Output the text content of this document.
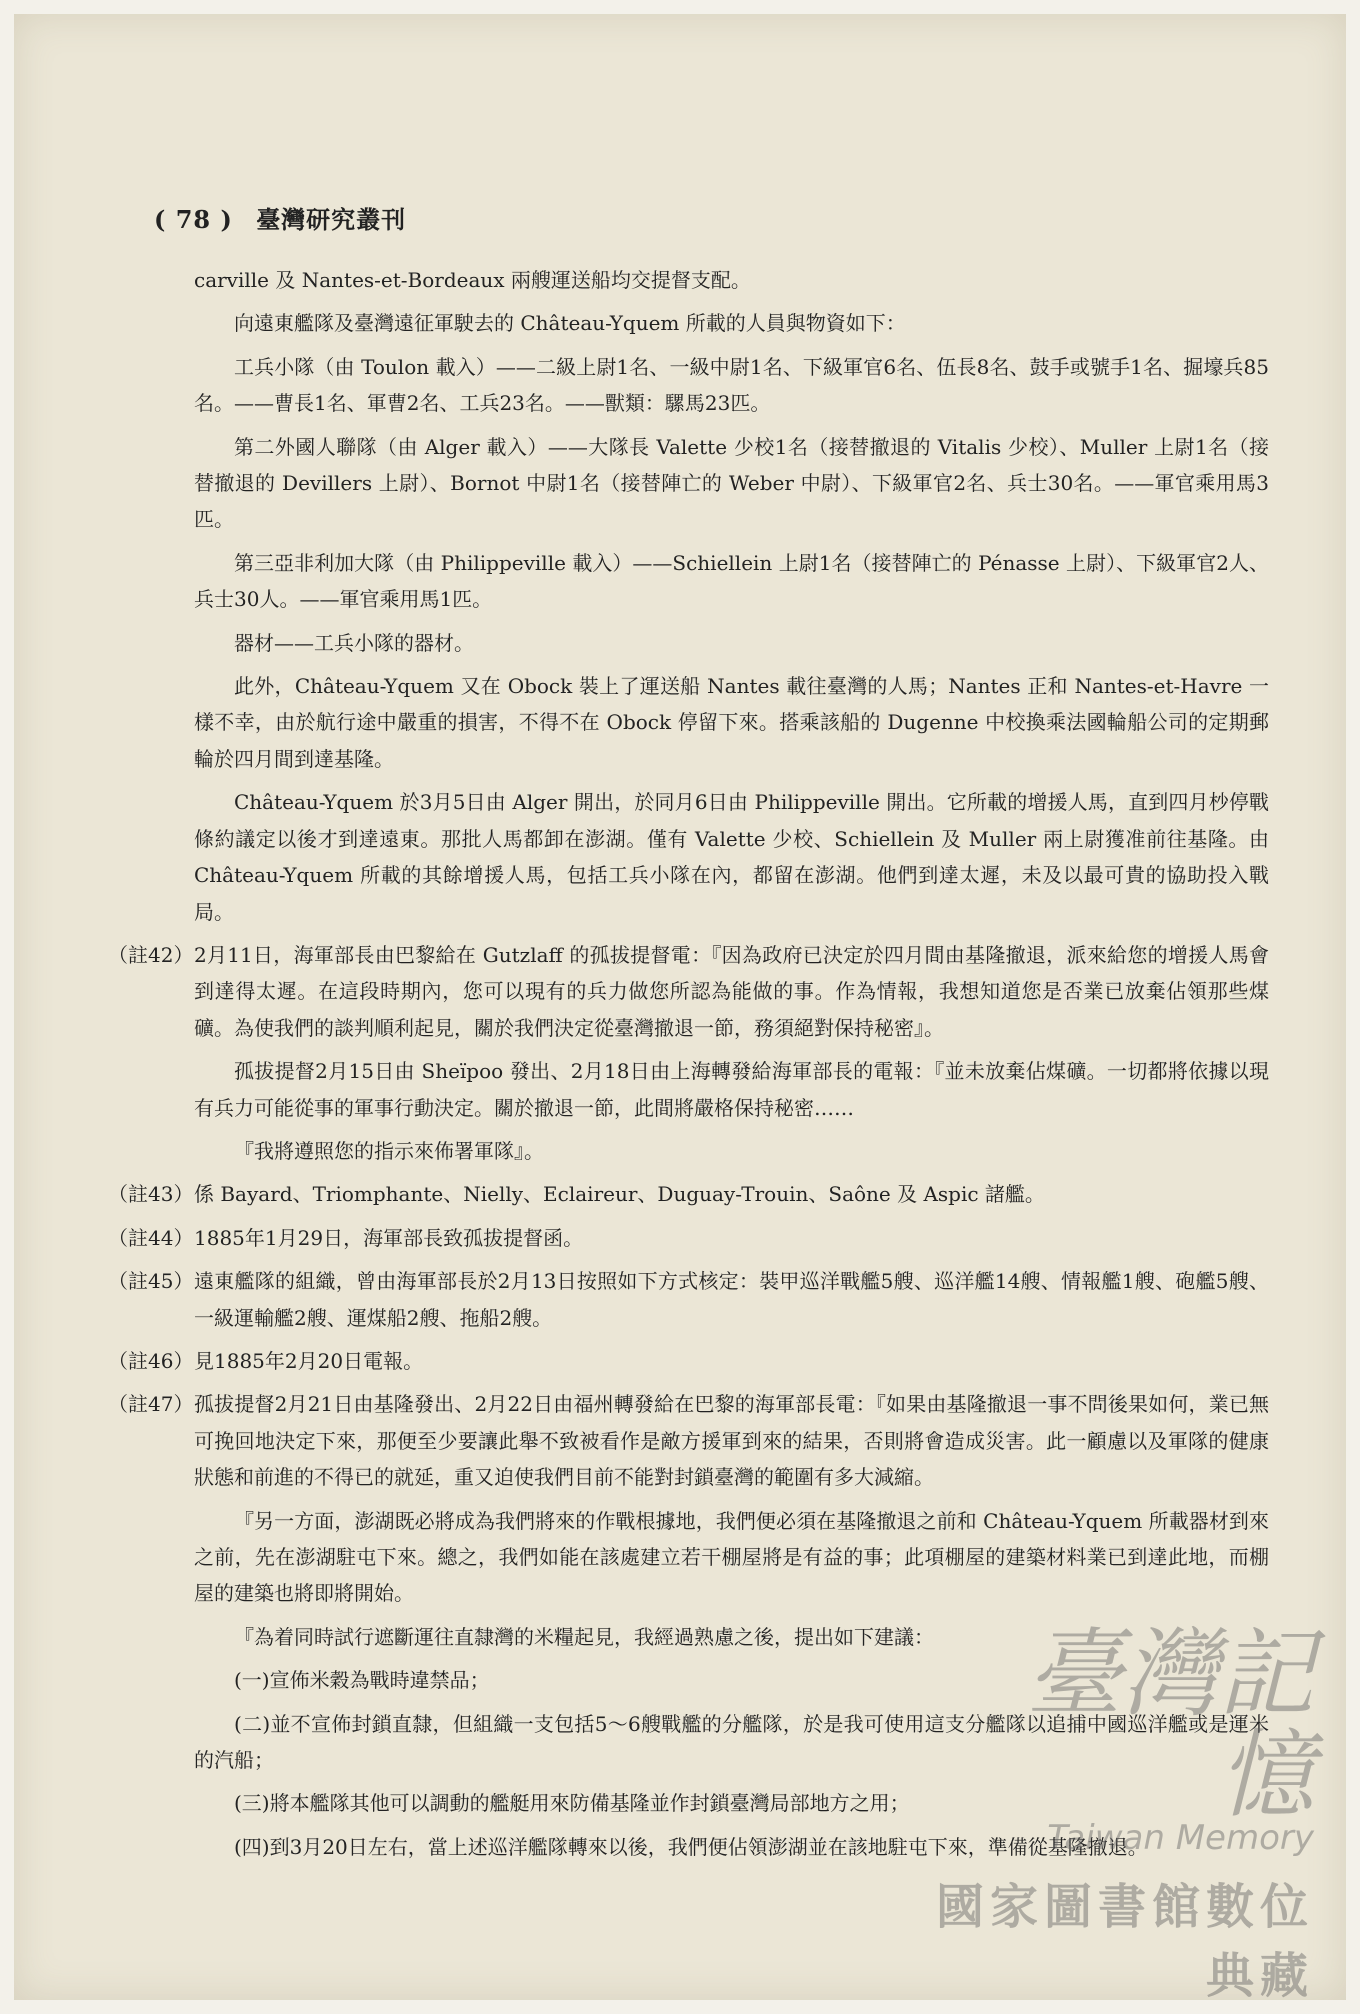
( 78 ) 臺灣研究叢刊

carville 及 Nantes-et-Bordeaux 兩艘運送船均交提督支配。

向遠東艦隊及臺灣遠征軍駛去的 Château-Yquem 所載的人員與物資如下：

工兵小隊（由 Toulon 載入）——二級上尉1名、一級中尉1名、下級軍官6名、伍長8名、鼓手或號手1名、掘壕兵85名。——曹長1名、軍曹2名、工兵23名。——獸類：騾馬23匹。

第二外國人聯隊（由 Alger 載入）——大隊長 Valette 少校1名（接替撤退的 Vitalis 少校）、Muller 上尉1名（接替撤退的 Devillers 上尉）、Bornot 中尉1名（接替陣亡的 Weber 中尉）、下級軍官2名、兵士30名。——軍官乘用馬3匹。

第三亞非利加大隊（由 Philippeville 載入）——Schiellein 上尉1名（接替陣亡的 Pénasse 上尉）、下級軍官2人、兵士30人。——軍官乘用馬1匹。

器材——工兵小隊的器材。

此外，Château-Yquem 又在 Obock 裝上了運送船 Nantes 載往臺灣的人馬；Nantes 正和 Nantes-et-Havre 一樣不幸，由於航行途中嚴重的損害，不得不在 Obock 停留下來。搭乘該船的 Dugenne 中校換乘法國輪船公司的定期郵輪於四月間到達基隆。

Château-Yquem 於3月5日由 Alger 開出，於同月6日由 Philippeville 開出。它所載的增援人馬，直到四月杪停戰條約議定以後才到達遠東。那批人馬都卸在澎湖。僅有 Valette 少校、Schiellein 及 Muller 兩上尉獲准前往基隆。由 Château-Yquem 所載的其餘增援人馬，包括工兵小隊在內，都留在澎湖。他們到達太遲，未及以最可貴的協助投入戰局。

（註42） 2月11日，海軍部長由巴黎給在 Gutzlaff 的孤拔提督電：『因為政府已決定於四月間由基隆撤退，派來給您的增援人馬會到達得太遲。在這段時期內，您可以現有的兵力做您所認為能做的事。作為情報，我想知道您是否業已放棄佔領那些煤礦。為使我們的談判順利起見，關於我們決定從臺灣撤退一節，務須絕對保持秘密』。

孤拔提督2月15日由 Sheïpoo 發出、2月18日由上海轉發給海軍部長的電報：『並未放棄佔煤礦。一切都將依據以現有兵力可能從事的軍事行動決定。關於撤退一節，此間將嚴格保持秘密……

『我將遵照您的指示來佈署軍隊』。

（註43） 係 Bayard、Triomphante、Nielly、Eclaireur、Duguay-Trouin、Saône 及 Aspic 諸艦。

（註44） 1885年1月29日，海軍部長致孤拔提督函。

（註45） 遠東艦隊的組織，曾由海軍部長於2月13日按照如下方式核定：裝甲巡洋戰艦5艘、巡洋艦14艘、情報艦1艘、砲艦5艘、一級運輸艦2艘、運煤船2艘、拖船2艘。

（註46） 見1885年2月20日電報。

（註47） 孤拔提督2月21日由基隆發出、2月22日由福州轉發給在巴黎的海軍部長電：『如果由基隆撤退一事不問後果如何，業已無可挽回地決定下來，那便至少要讓此舉不致被看作是敵方援軍到來的結果，否則將會造成災害。此一顧慮以及軍隊的健康狀態和前進的不得已的就延，重又迫使我們目前不能對封鎖臺灣的範圍有多大減縮。

『另一方面，澎湖既必將成為我們將來的作戰根據地，我們便必須在基隆撤退之前和 Château-Yquem 所載器材到來之前，先在澎湖駐屯下來。總之，我們如能在該處建立若干棚屋將是有益的事；此項棚屋的建築材料業已到達此地，而棚屋的建築也將即將開始。

『為着同時試行遮斷運往直隸灣的米糧起見，我經過熟慮之後，提出如下建議：

(一)宣佈米穀為戰時違禁品；

(二)並不宣佈封鎖直隸，但組織一支包括5～6艘戰艦的分艦隊，於是我可使用這支分艦隊以追捕中國巡洋艦或是運米的汽船；

(三)將本艦隊其他可以調動的艦艇用來防備基隆並作封鎖臺灣局部地方之用；

(四)到3月20日左右，當上述巡洋艦隊轉來以後，我們便佔領澎湖並在該地駐屯下來，準備從基隆撤退。

臺灣記憶
Taiwan Memory
國家圖書館數位典藏
